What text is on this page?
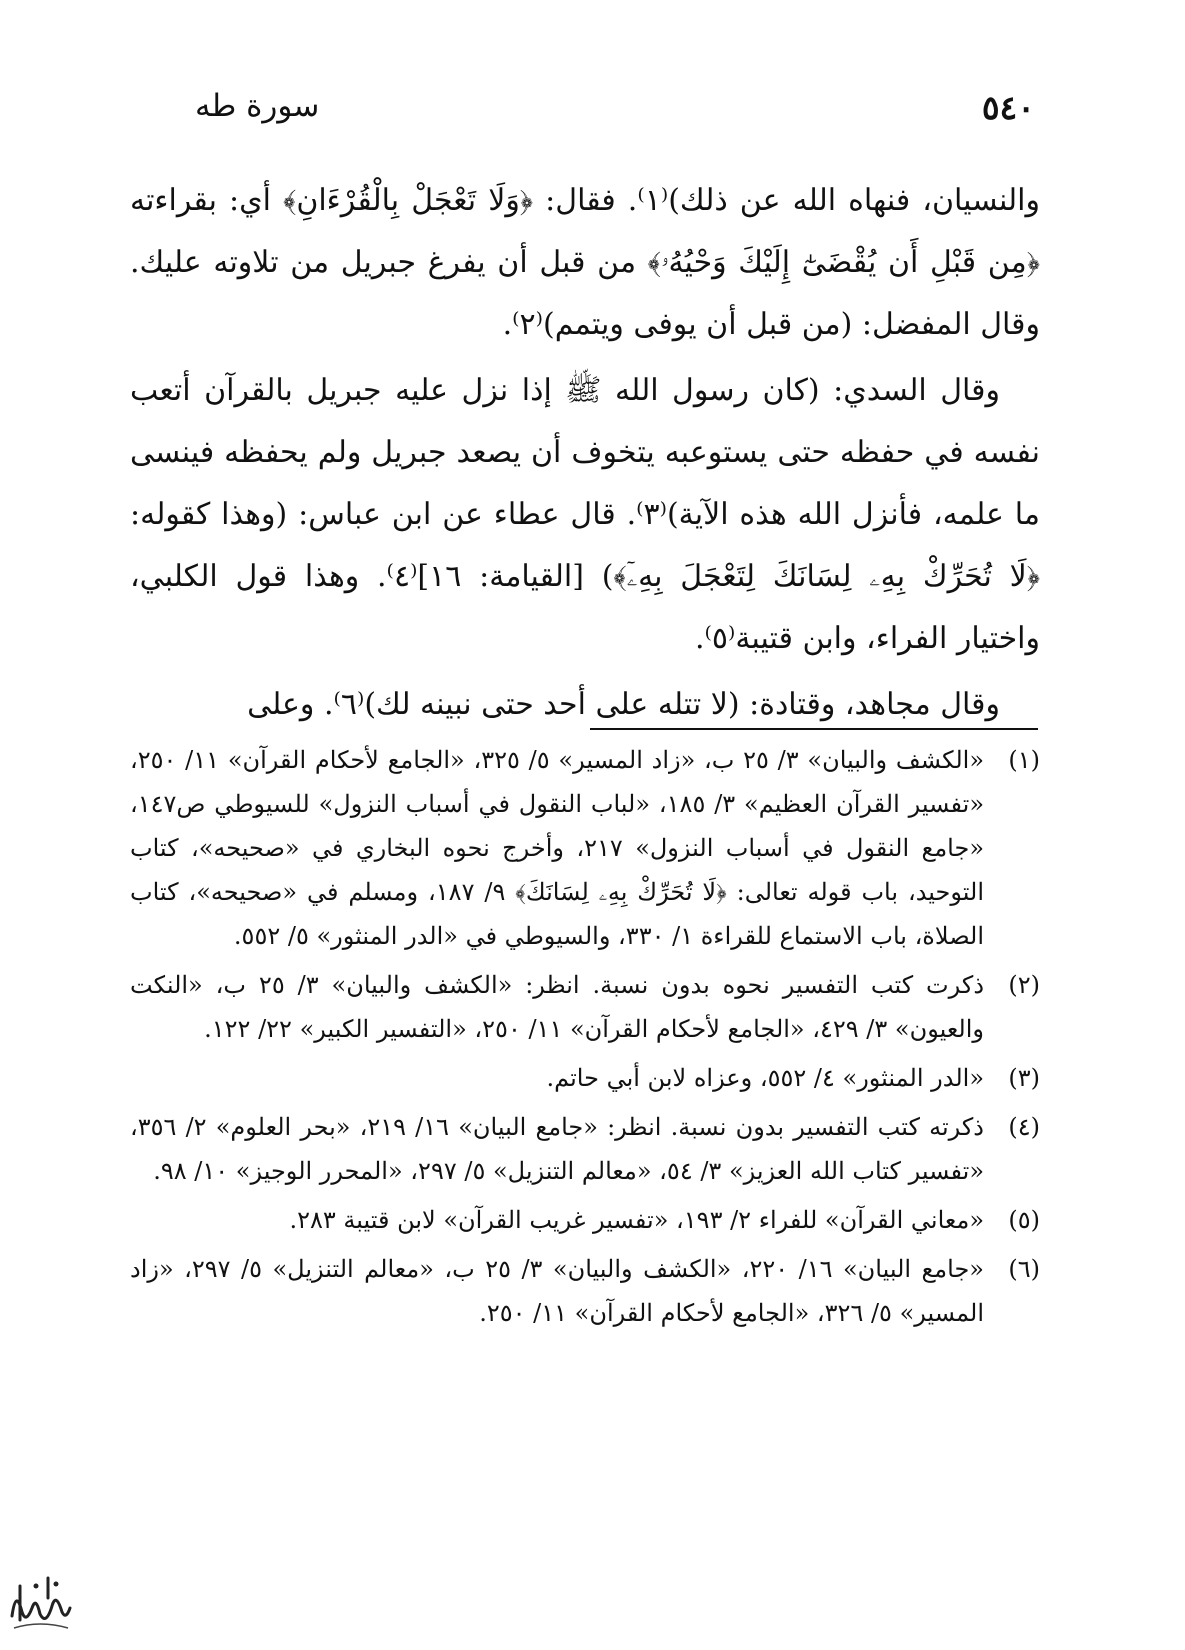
٥٤٠
سورة طه

والنسيان، فنهاه الله عن ذلك)⁽١⁾. فقال: ﴿وَلَا تَعْجَلْ بِالْقُرْءَانِ﴾ أي: بقراءته ﴿مِن قَبْلِ أَن يُقْضَىٰٓ إِلَيْكَ وَحْيُهُۥ﴾ من قبل أن يفرغ جبريل من تلاوته عليك. وقال المفضل: (من قبل أن يوفى ويتمم)⁽٢⁾.

وقال السدي: (كان رسول الله ﷺ إذا نزل عليه جبريل بالقرآن أتعب نفسه في حفظه حتى يستوعبه يتخوف أن يصعد جبريل ولم يحفظه فينسى ما علمه، فأنزل الله هذه الآية)⁽٣⁾. قال عطاء عن ابن عباس: (وهذا كقوله: ﴿لَا تُحَرِّكْ بِهِۦ لِسَانَكَ لِتَعْجَلَ بِهِۦٓ﴾) [القيامة: ١٦]⁽٤⁾. وهذا قول الكلبي، واختيار الفراء، وابن قتيبة⁽٥⁾.

وقال مجاهد، وقتادة: (لا تتله على أحد حتى نبينه لك)⁽٦⁾. وعلى

(١)
«الكشف والبيان» ٣/ ٢٥ ب، «زاد المسير» ٥/ ٣٢٥، «الجامع لأحكام القرآن» ١١/ ٢٥٠، «تفسير القرآن العظيم» ٣/ ١٨٥، «لباب النقول في أسباب النزول» للسيوطي ص١٤٧، «جامع النقول في أسباب النزول» ٢١٧، وأخرج نحوه البخاري في «صحيحه»، كتاب التوحيد، باب قوله تعالى: ﴿لَا تُحَرِّكْ بِهِۦ لِسَانَكَ﴾ ٩/ ١٨٧، ومسلم في «صحيحه»، كتاب الصلاة، باب الاستماع للقراءة ١/ ٣٣٠، والسيوطي في «الدر المنثور» ٥/ ٥٥٢.
(٢)
ذكرت كتب التفسير نحوه بدون نسبة. انظر: «الكشف والبيان» ٣/ ٢٥ ب، «النكت والعيون» ٣/ ٤٢٩، «الجامع لأحكام القرآن» ١١/ ٢٥٠، «التفسير الكبير» ٢٢/ ١٢٢.
(٣)
«الدر المنثور» ٤/ ٥٥٢، وعزاه لابن أبي حاتم.
(٤)
ذكرته كتب التفسير بدون نسبة. انظر: «جامع البيان» ١٦/ ٢١٩، «بحر العلوم» ٢/ ٣٥٦، «تفسير كتاب الله العزيز» ٣/ ٥٤، «معالم التنزيل» ٥/ ٢٩٧، «المحرر الوجيز» ١٠/ ٩٨.
(٥)
«معاني القرآن» للفراء ٢/ ١٩٣، «تفسير غريب القرآن» لابن قتيبة ٢٨٣.
(٦)
«جامع البيان» ١٦/ ٢٢٠، «الكشف والبيان» ٣/ ٢٥ ب، «معالم التنزيل» ٥/ ٢٩٧، «زاد المسير» ٥/ ٣٢٦، «الجامع لأحكام القرآن» ١١/ ٢٥٠.
